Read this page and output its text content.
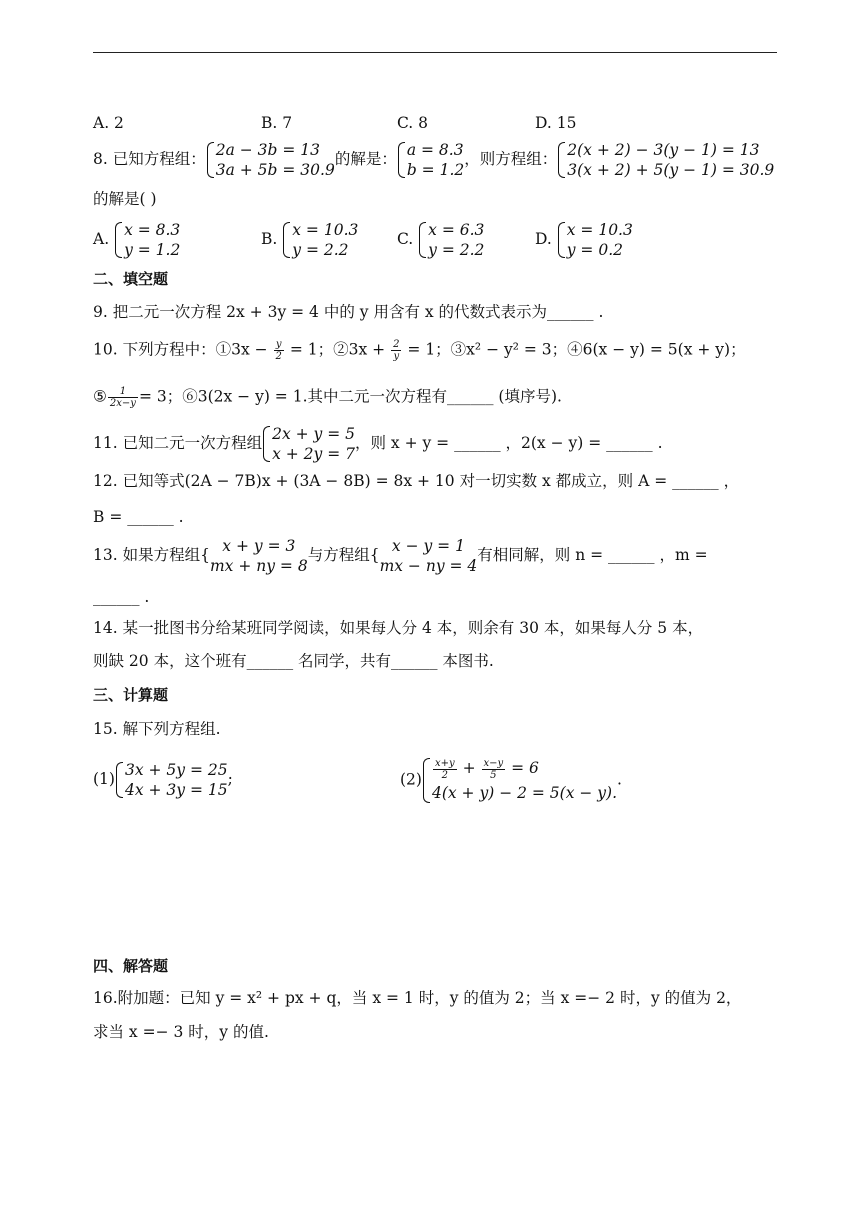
A. 2	B. 7	C. 8	D. 15
8. 已知方程组： 2a − 3b = 13
3a + 5b = 30.9
的解是： a = 8.3
b = 1.2
，则方程组： 2(x + 2) − 3(y − 1) = 13
3(x + 2) + 5(y − 1) = 30.9
的解是( )
A. x = 8.3
y = 1.2
B. x = 10.3
y = 2.2
C. x = 6.3
y = 2.2
D. x = 10.3
y = 0.2
二、填空题
9. 把二元一次方程 2x + 3y = 4 中的 y 用含有 x 的代数式表示为______ .
10. 下列方程中：①3x − $\frac{y}{2} = 1$；②3x + $\frac{2}{y} = 1$；③x² − y² = 3；④6(x − y) = 5(x + y)；
⑤ $\frac{1}{2x-y} = 3$；⑥3(2x − y) = 1.其中二元一次方程有______ (填序号).
11. 已知二元一次方程组 2x + y = 5
x + 2y = 7
，则 x + y = ______ ，2(x − y) = ______ .
12. 已知等式(2A − 7B)x + (3A − 8B) = 8x + 10 对一切实数 x 都成立，则 A = ______ ，
B = ______ .
13. 如果方程组{ x + y = 3
mx + ny = 8
与方程组{ x − y = 1
mx − ny = 4
有相同解，则 n = ______ ，m =
______ .
14. 某一批图书分给某班同学阅读，如果每人分 4 本，则余有 30 本，如果每人分 5 本，
则缺 20 本，这个班有______ 名同学，共有______ 本图书.
三、计算题
15. 解下列方程组.
(1) 3x + 5y = 25
4x + 3y = 15
;	$(2) \frac{x+y}{2} + \frac{x-y}{5} = 6$
4(x + y) − 2 = 5(x − y).
.
四、解答题
16.附加题：已知 y = x² + px + q，当 x = 1 时，y 的值为 2；当 x =− 2 时，y 的值为 2，
求当 x =− 3 时，y 的值.
